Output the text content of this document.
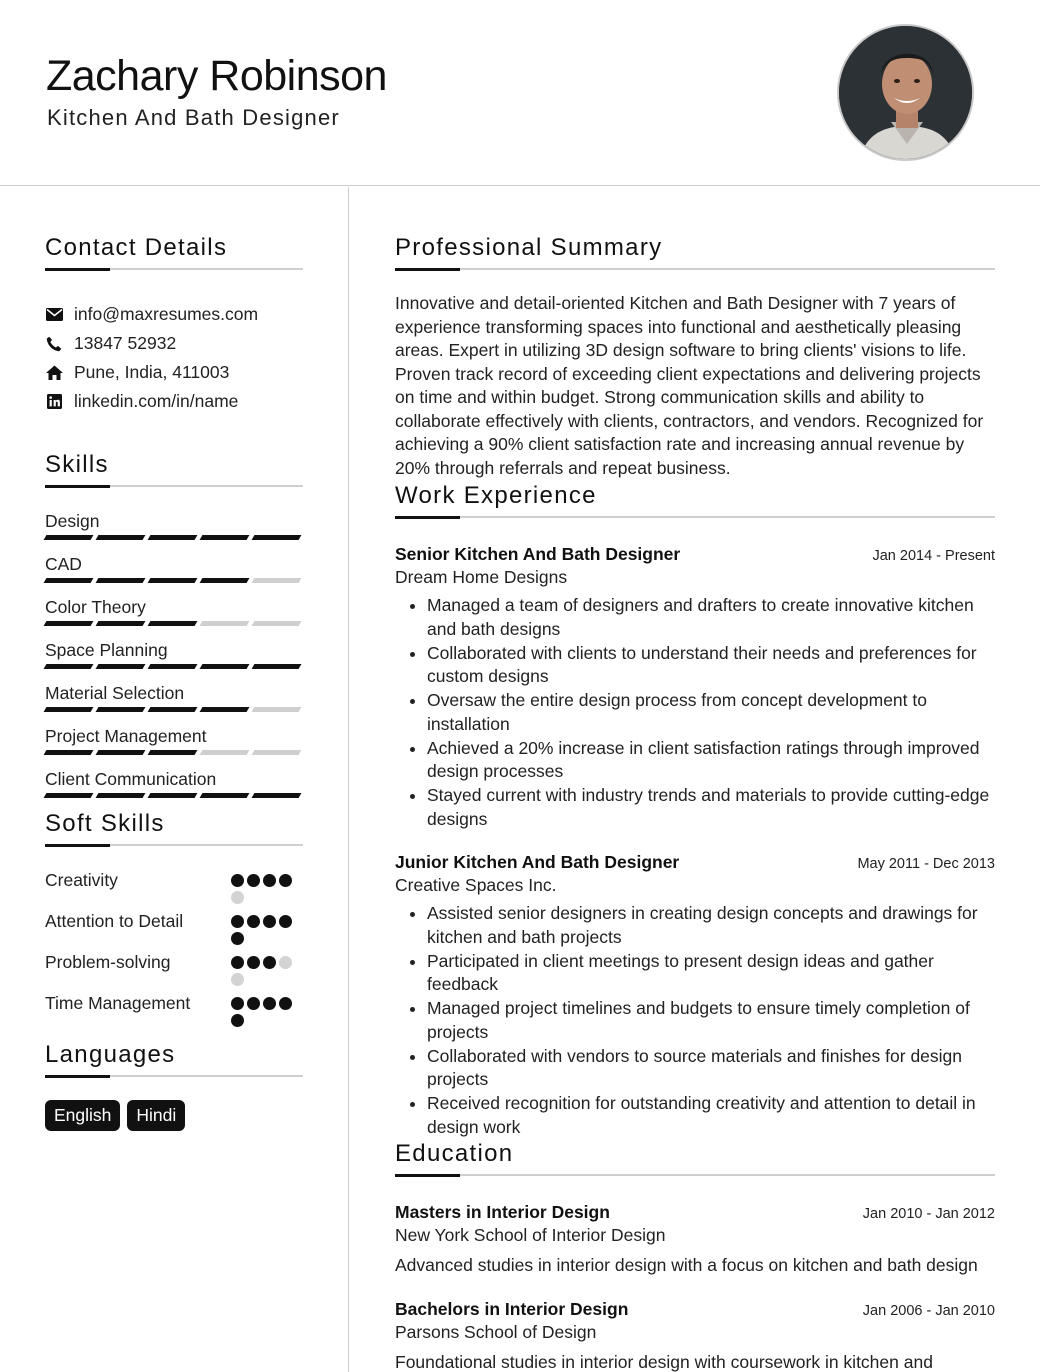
Zachary Robinson
Kitchen And Bath Designer
Contact Details
info@maxresumes.com
13847 52932
Pune, India, 411003
linkedin.com/in/name
Skills
Design
CAD
Color Theory
Space Planning
Material Selection
Project Management
Client Communication
Soft Skills
Creativity
Attention to Detail
Problem-solving
Time Management
Languages
English	Hindi
Professional Summary

Innovative and detail-oriented Kitchen and Bath Designer with 7 years of experience transforming spaces into functional and aesthetically pleasing areas. Expert in utilizing 3D design software to bring clients' visions to life. Proven track record of exceeding client expectations and delivering projects on time and within budget. Strong communication skills and ability to collaborate effectively with clients, contractors, and vendors. Recognized for achieving a 90% client satisfaction rate and increasing annual revenue by 20% through referrals and repeat business.

Work Experience
Senior Kitchen And Bath Designer	Jan 2014 - Present
Dream Home Designs
• Managed a team of designers and drafters to create innovative kitchen and bath designs
• Collaborated with clients to understand their needs and preferences for custom designs
• Oversaw the entire design process from concept development to installation
• Achieved a 20% increase in client satisfaction ratings through improved design processes
• Stayed current with industry trends and materials to provide cutting-edge designs
Junior Kitchen And Bath Designer	May 2011 - Dec 2013
Creative Spaces Inc.
• Assisted senior designers in creating design concepts and drawings for kitchen and bath projects
• Participated in client meetings to present design ideas and gather feedback
• Managed project timelines and budgets to ensure timely completion of projects
• Collaborated with vendors to source materials and finishes for design projects
• Received recognition for outstanding creativity and attention to detail in design work
Education
Masters in Interior Design	Jan 2010 - Jan 2012
New York School of Interior Design

Advanced studies in interior design with a focus on kitchen and bath design

Bachelors in Interior Design	Jan 2006 - Jan 2010
Parsons School of Design

Foundational studies in interior design with coursework in kitchen and
